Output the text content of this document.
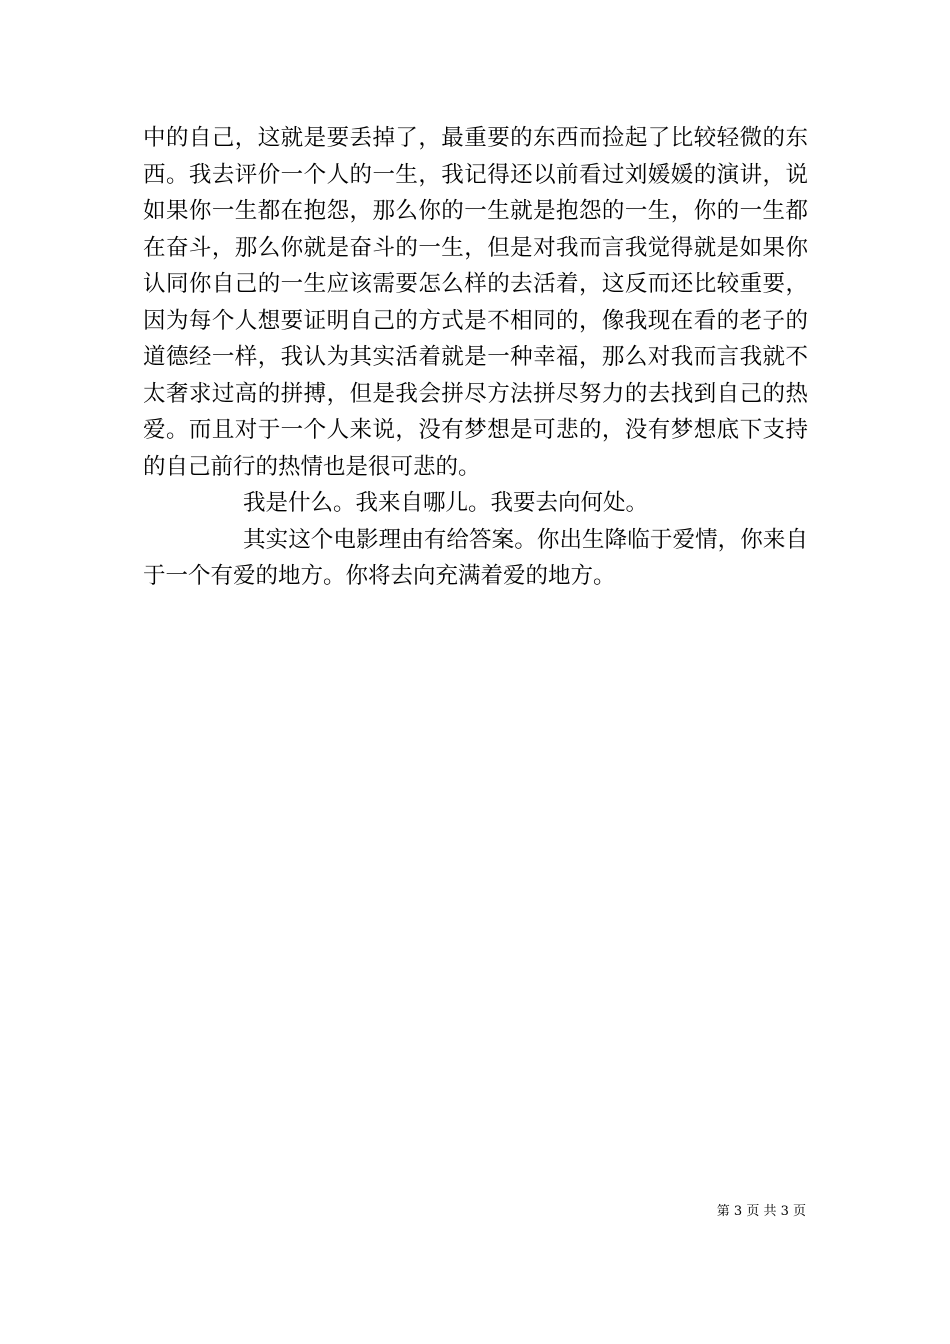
中的自己，这就是要丢掉了，最重要的东西而捡起了比较轻微的东
西。我去评价一个人的一生，我记得还以前看过刘媛媛的演讲，说
如果你一生都在抱怨，那么你的一生就是抱怨的一生，你的一生都
在奋斗，那么你就是奋斗的一生，但是对我而言我觉得就是如果你
认同你自己的一生应该需要怎么样的去活着，这反而还比较重要，
因为每个人想要证明自己的方式是不相同的，像我现在看的老子的
道德经一样，我认为其实活着就是一种幸福，那么对我而言我就不
太奢求过高的拼搏，但是我会拼尽方法拼尽努力的去找到自己的热
爱。而且对于一个人来说，没有梦想是可悲的，没有梦想底下支持
的自己前行的热情也是很可悲的。
我是什么。我来自哪儿。我要去向何处。
其实这个电影理由有给答案。你出生降临于爱情，你来自
于一个有爱的地方。你将去向充满着爱的地方。
第 3 页 共 3 页
